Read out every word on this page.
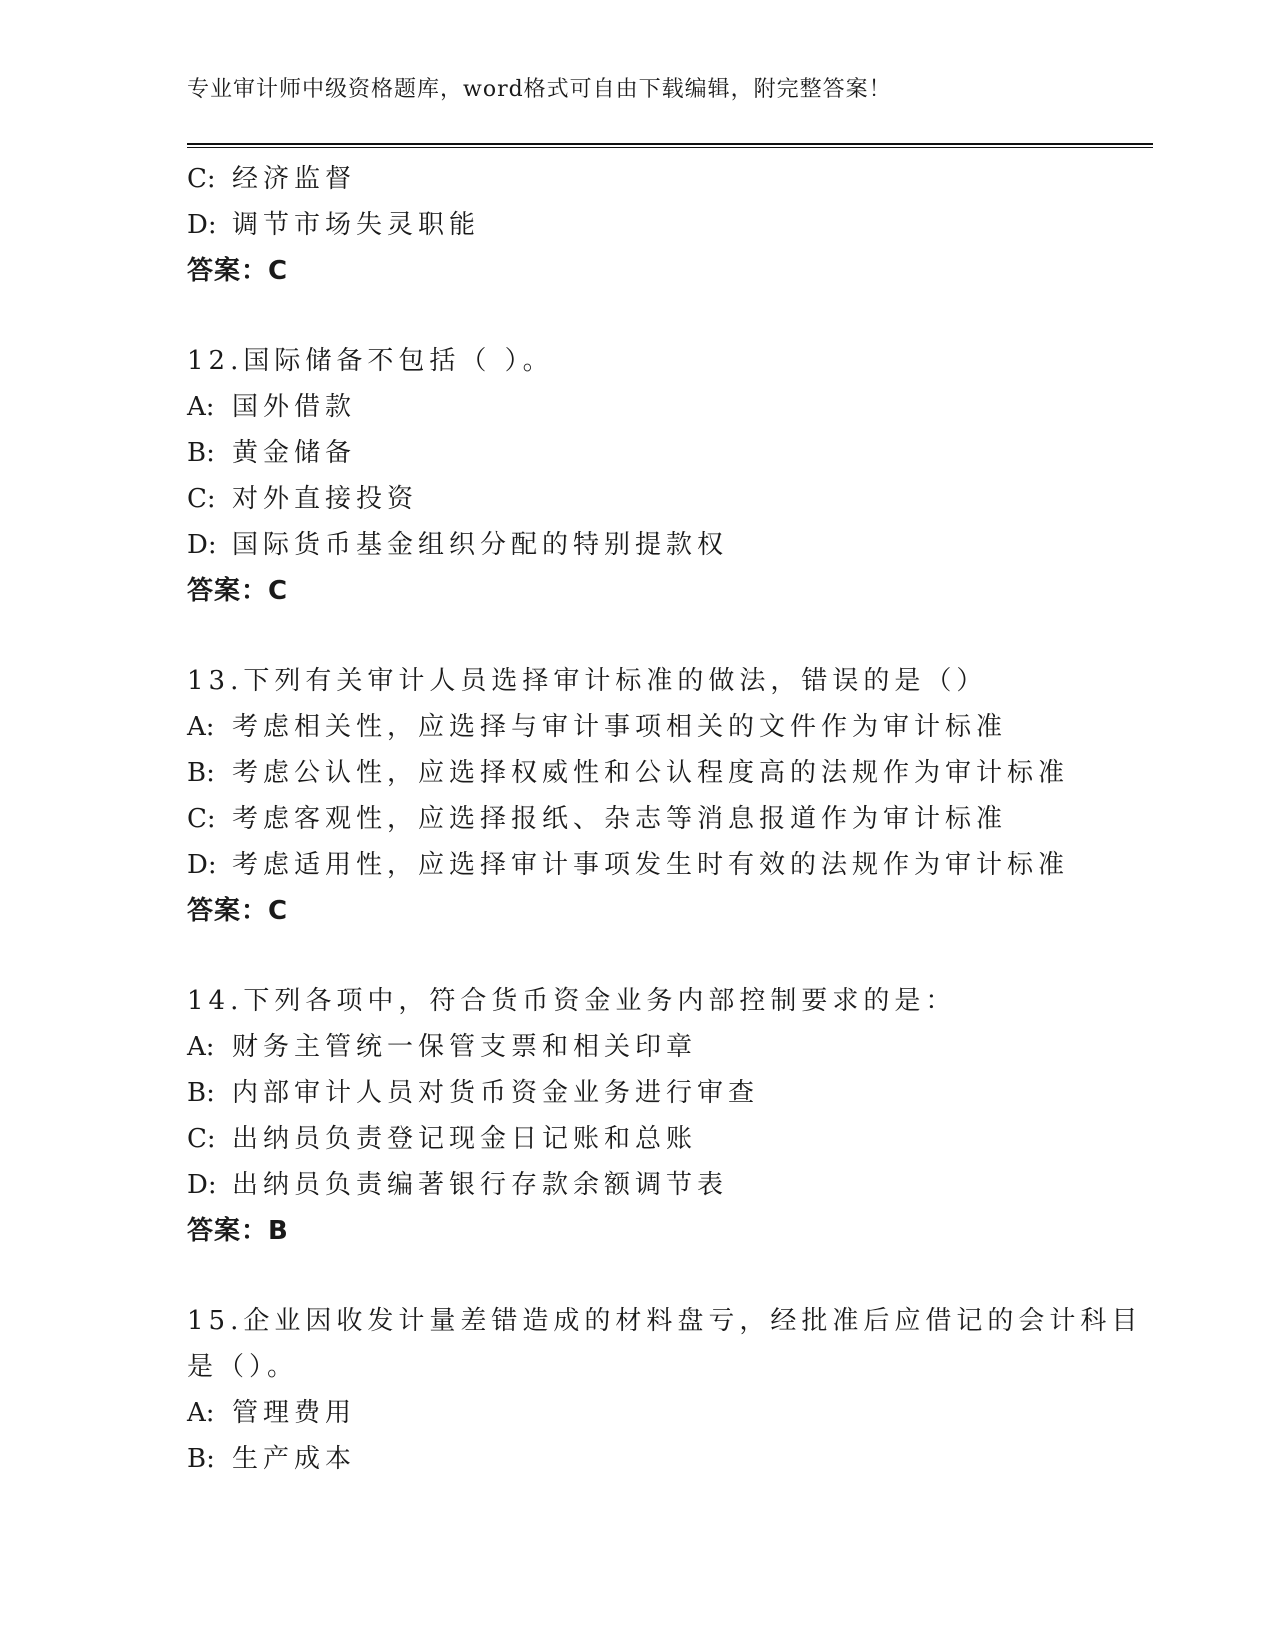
专业审计师中级资格题库，word格式可自由下载编辑，附完整答案！
C: 经济监督
D: 调节市场失灵职能
答案：C
12.国际储备不包括（ ）。
A: 国外借款
B: 黄金储备
C: 对外直接投资
D: 国际货币基金组织分配的特别提款权
答案：C
13.下列有关审计人员选择审计标准的做法，错误的是（）
A: 考虑相关性，应选择与审计事项相关的文件作为审计标准
B: 考虑公认性，应选择权威性和公认程度高的法规作为审计标准
C: 考虑客观性，应选择报纸、杂志等消息报道作为审计标准
D: 考虑适用性，应选择审计事项发生时有效的法规作为审计标准
答案：C
14.下列各项中，符合货币资金业务内部控制要求的是：
A: 财务主管统一保管支票和相关印章
B: 内部审计人员对货币资金业务进行审查
C: 出纳员负责登记现金日记账和总账
D: 出纳员负责编著银行存款余额调节表
答案：B
15.企业因收发计量差错造成的材料盘亏，经批准后应借记的会计科目
是（）。
A: 管理费用
B: 生产成本
